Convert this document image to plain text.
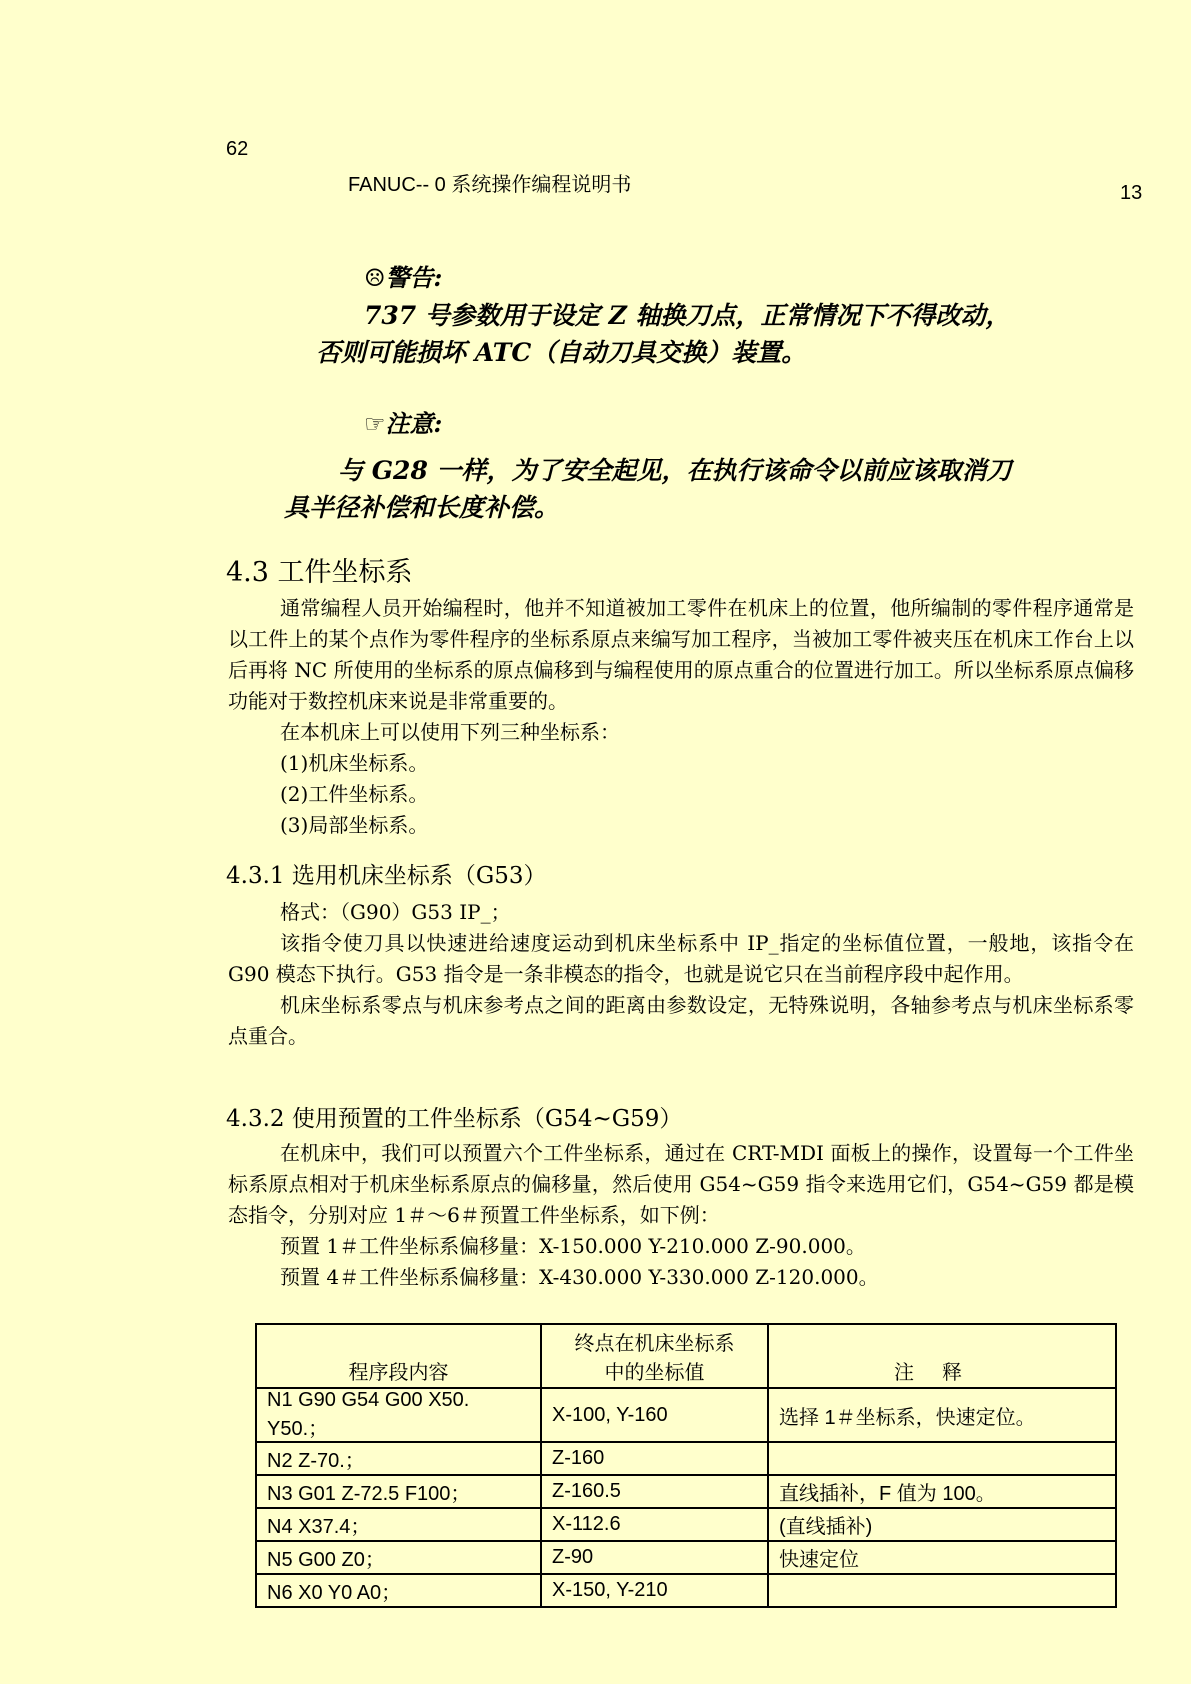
62
FANUC-- 0 系统操作编程说明书	13
☹警告:
737 号参数用于设定 Z 轴换刀点，正常情况下不得改动，
否则可能损坏 ATC（自动刀具交换）装置。
☞注意:
与 G28 一样，为了安全起见，在执行该命令以前应该取消刀
具半径补偿和长度补偿。
4.3 工件坐标系

通常编程人员开始编程时，他并不知道被加工零件在机床上的位置，他所编制的零件程序通常是以工件上的某个点作为零件程序的坐标系原点来编写加工程序，当被加工零件被夹压在机床工作台上以后再将 NC 所使用的坐标系的原点偏移到与编程使用的原点重合的位置进行加工。所以坐标系原点偏移功能对于数控机床来说是非常重要的。

在本机床上可以使用下列三种坐标系：

(1)机床坐标系。

(2)工件坐标系。

(3)局部坐标系。

4.3.1 选用机床坐标系（G53）

格式：（G90）G53 IP_；

该指令使刀具以快速进给速度运动到机床坐标系中 IP_指定的坐标值位置，一般地，该指令在 G90 模态下执行。G53 指令是一条非模态的指令，也就是说它只在当前程序段中起作用。

机床坐标系零点与机床参考点之间的距离由参数设定，无特殊说明，各轴参考点与机床坐标系零点重合。

4.3.2 使用预置的工件坐标系（G54~G59）

在机床中，我们可以预置六个工件坐标系，通过在 CRT-MDI 面板上的操作，设置每一个工件坐标系原点相对于机床坐标系原点的偏移量，然后使用 G54~G59 指令来选用它们，G54~G59 都是模态指令，分别对应 1＃～6＃预置工件坐标系，如下例：

预置 1＃工件坐标系偏移量：X-150.000 Y-210.000 Z-90.000。

预置 4＃工件坐标系偏移量：X-430.000 Y-330.000 Z-120.000。

程序段内容	终点在机床坐标系
中的坐标值	注释
N1 G90 G54 G00 X50. Y50.；	X-100, Y-160	选择 1＃坐标系，快速定位。
N2 Z-70.；	Z-160	
N3 G01 Z-72.5 F100；	Z-160.5	直线插补，F 值为 100。
N4 X37.4；	X-112.6	(直线插补)
N5 G00 Z0；	Z-90	快速定位
N6 X0 Y0 A0；	X-150, Y-210	
